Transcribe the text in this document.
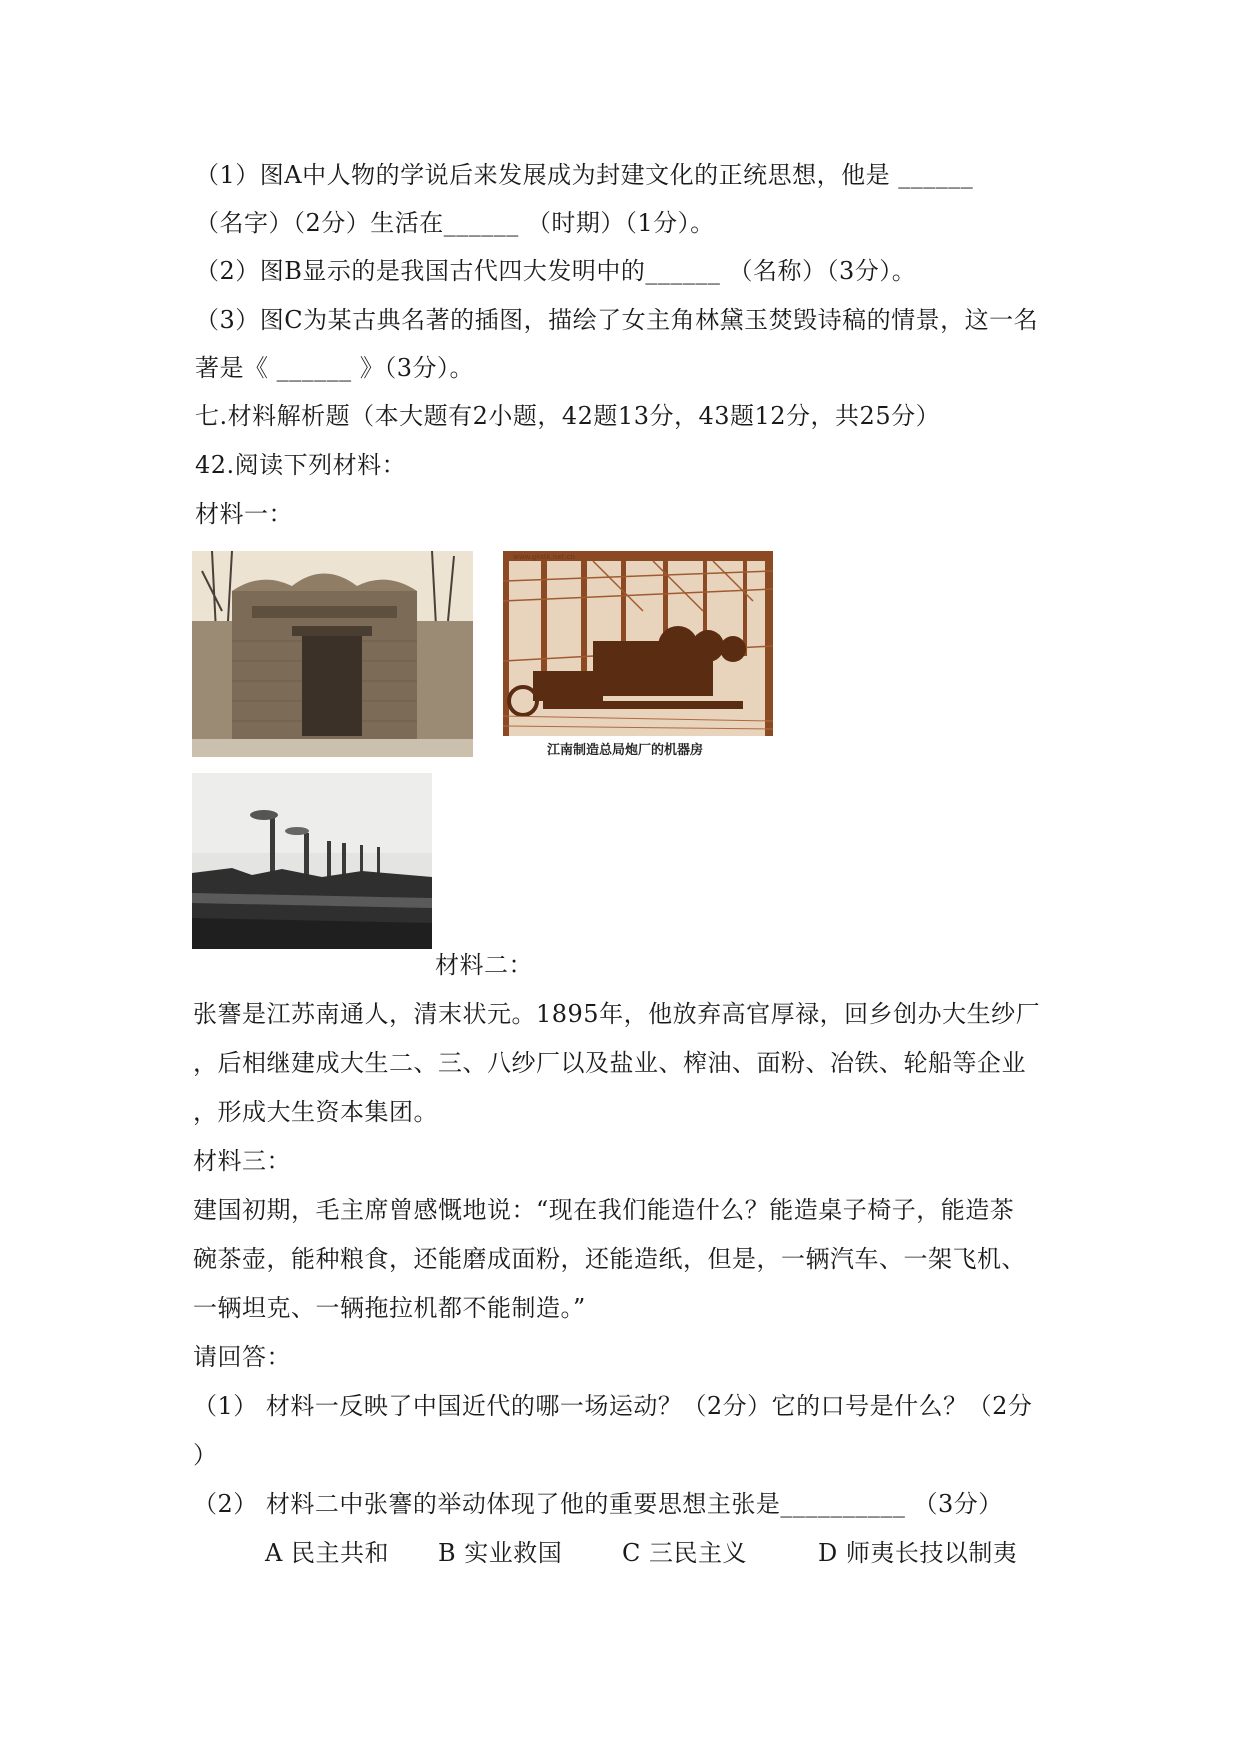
（1）图A中人物的学说后来发展成为封建文化的正统思想，他是 ______
（名字）（2分）生活在______ （时期）（1分）。
（2）图B显示的是我国古代四大发明中的______ （名称）（3分）。
（3）图C为某古典名著的插图，描绘了女主角林黛玉焚毁诗稿的情景，这一名
著是《 ______ 》（3分）。
七.材料解析题（本大题有2小题，42题13分，43题12分，共25分）
42.阅读下列材料：
材料一：
www.gkstk.net.cn
江南制造总局炮厂的机器房
材料二：
张謇是江苏南通人，清末状元。1895年，他放弃高官厚禄，回乡创办大生纱厂
，后相继建成大生二、三、八纱厂以及盐业、榨油、面粉、冶铁、轮船等企业
，形成大生资本集团。
材料三：
建国初期，毛主席曾感慨地说：“现在我们能造什么？能造桌子椅子，能造茶
碗茶壶，能种粮食，还能磨成面粉，还能造纸，但是，一辆汽车、一架飞机、
一辆坦克、一辆拖拉机都不能制造。”
请回答：
（1） 材料一反映了中国近代的哪一场运动？（2分）它的口号是什么？（2分
）
（2） 材料二中张謇的举动体现了他的重要思想主张是__________ （3分）
A 民主共和 B 实业救国 C 三民主义	D 师夷长技以制夷
